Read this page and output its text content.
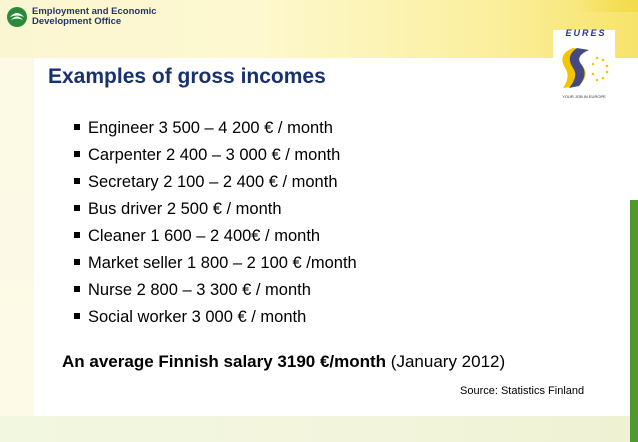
Employment and Economic
Development Office
EURES
YOUR JOB IN EUROPE
Examples of gross incomes
Engineer 3 500 – 4 200 € / month
Carpenter 2 400 – 3 000 € / month
Secretary 2 100 – 2 400 € / month
Bus driver 2 500 € / month
Cleaner 1 600 – 2 400€ / month
Market seller 1 800 – 2 100 € /month
Nurse 2 800 – 3 300 € / month
Social worker 3 000 € / month
An average Finnish salary 3190 €/month (January 2012)
Source: Statistics Finland
